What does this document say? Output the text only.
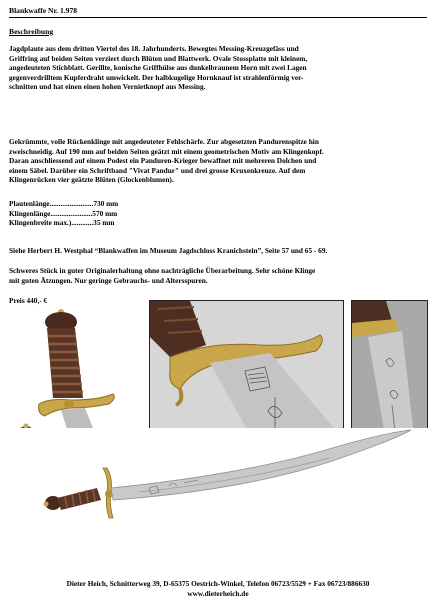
Blankwaffe Nr. 1.978
Beschreibung
Jagdplaute aus dem dritten Viertel des 18. Jahrhunderts. Bewegtes Messing-Kreuzgefäss und
Griffring auf beiden Seiten verziert durch Blüten und Blattwerk. Ovale Stossplatte mit kleinem,
angedeuteten Stichblatt. Gerillte, konische Griffhülse aus dunkelbraunem Horn mit zwei Lagen
gegenverdrilltem Kupferdraht umwickelt. Der halbkugelige Hornknauf ist strahlenförmig ver-
schnitten und hat einen einen hohen Vernietknopf aus Messing.
Gekrümmte, volle Rückenklinge mit angedeuteter Fehlschärfe. Zur abgesetzten Pandurenspitze hin
zweischneidig. Auf 190 mm auf beiden Seiten geätzt mit einem geometrischen Motiv am Klingenkopf.
Daran anschliessend auf einem Podest ein Panduren-Krieger bewaffnet mit mehreren Dolchen und
einem Säbel. Darüber ein Schriftband "Vivat Pandur" und drei grosse Kruxenkreuze. Auf dem
Klingenrücken vier geätzte Blüten (Glockenblumen).
Plautenlänge........................730 mm
Klingenlänge.......................570 mm
Klingenbreite max.)............35 mm
Siehe Herbert H. Westphal “Blankwaffen im Museum Jagdschloss Kranichstein”, Seite 57 und 65 - 69.
Schweres Stück in guter Originalerhaltung ohne nachträgliche Überarbeitung. Sehr schöne Klinge
mit guten Ätzungen. Nur geringe Gebrauchs- und Altersspuren.
Preis 440,- €
Dieter Heich, Schnitterweg 39, D-65375 Oestrich-Winkel, Telefon 06723/5529 + Fax 06723/886630
www.dieterheich.de
